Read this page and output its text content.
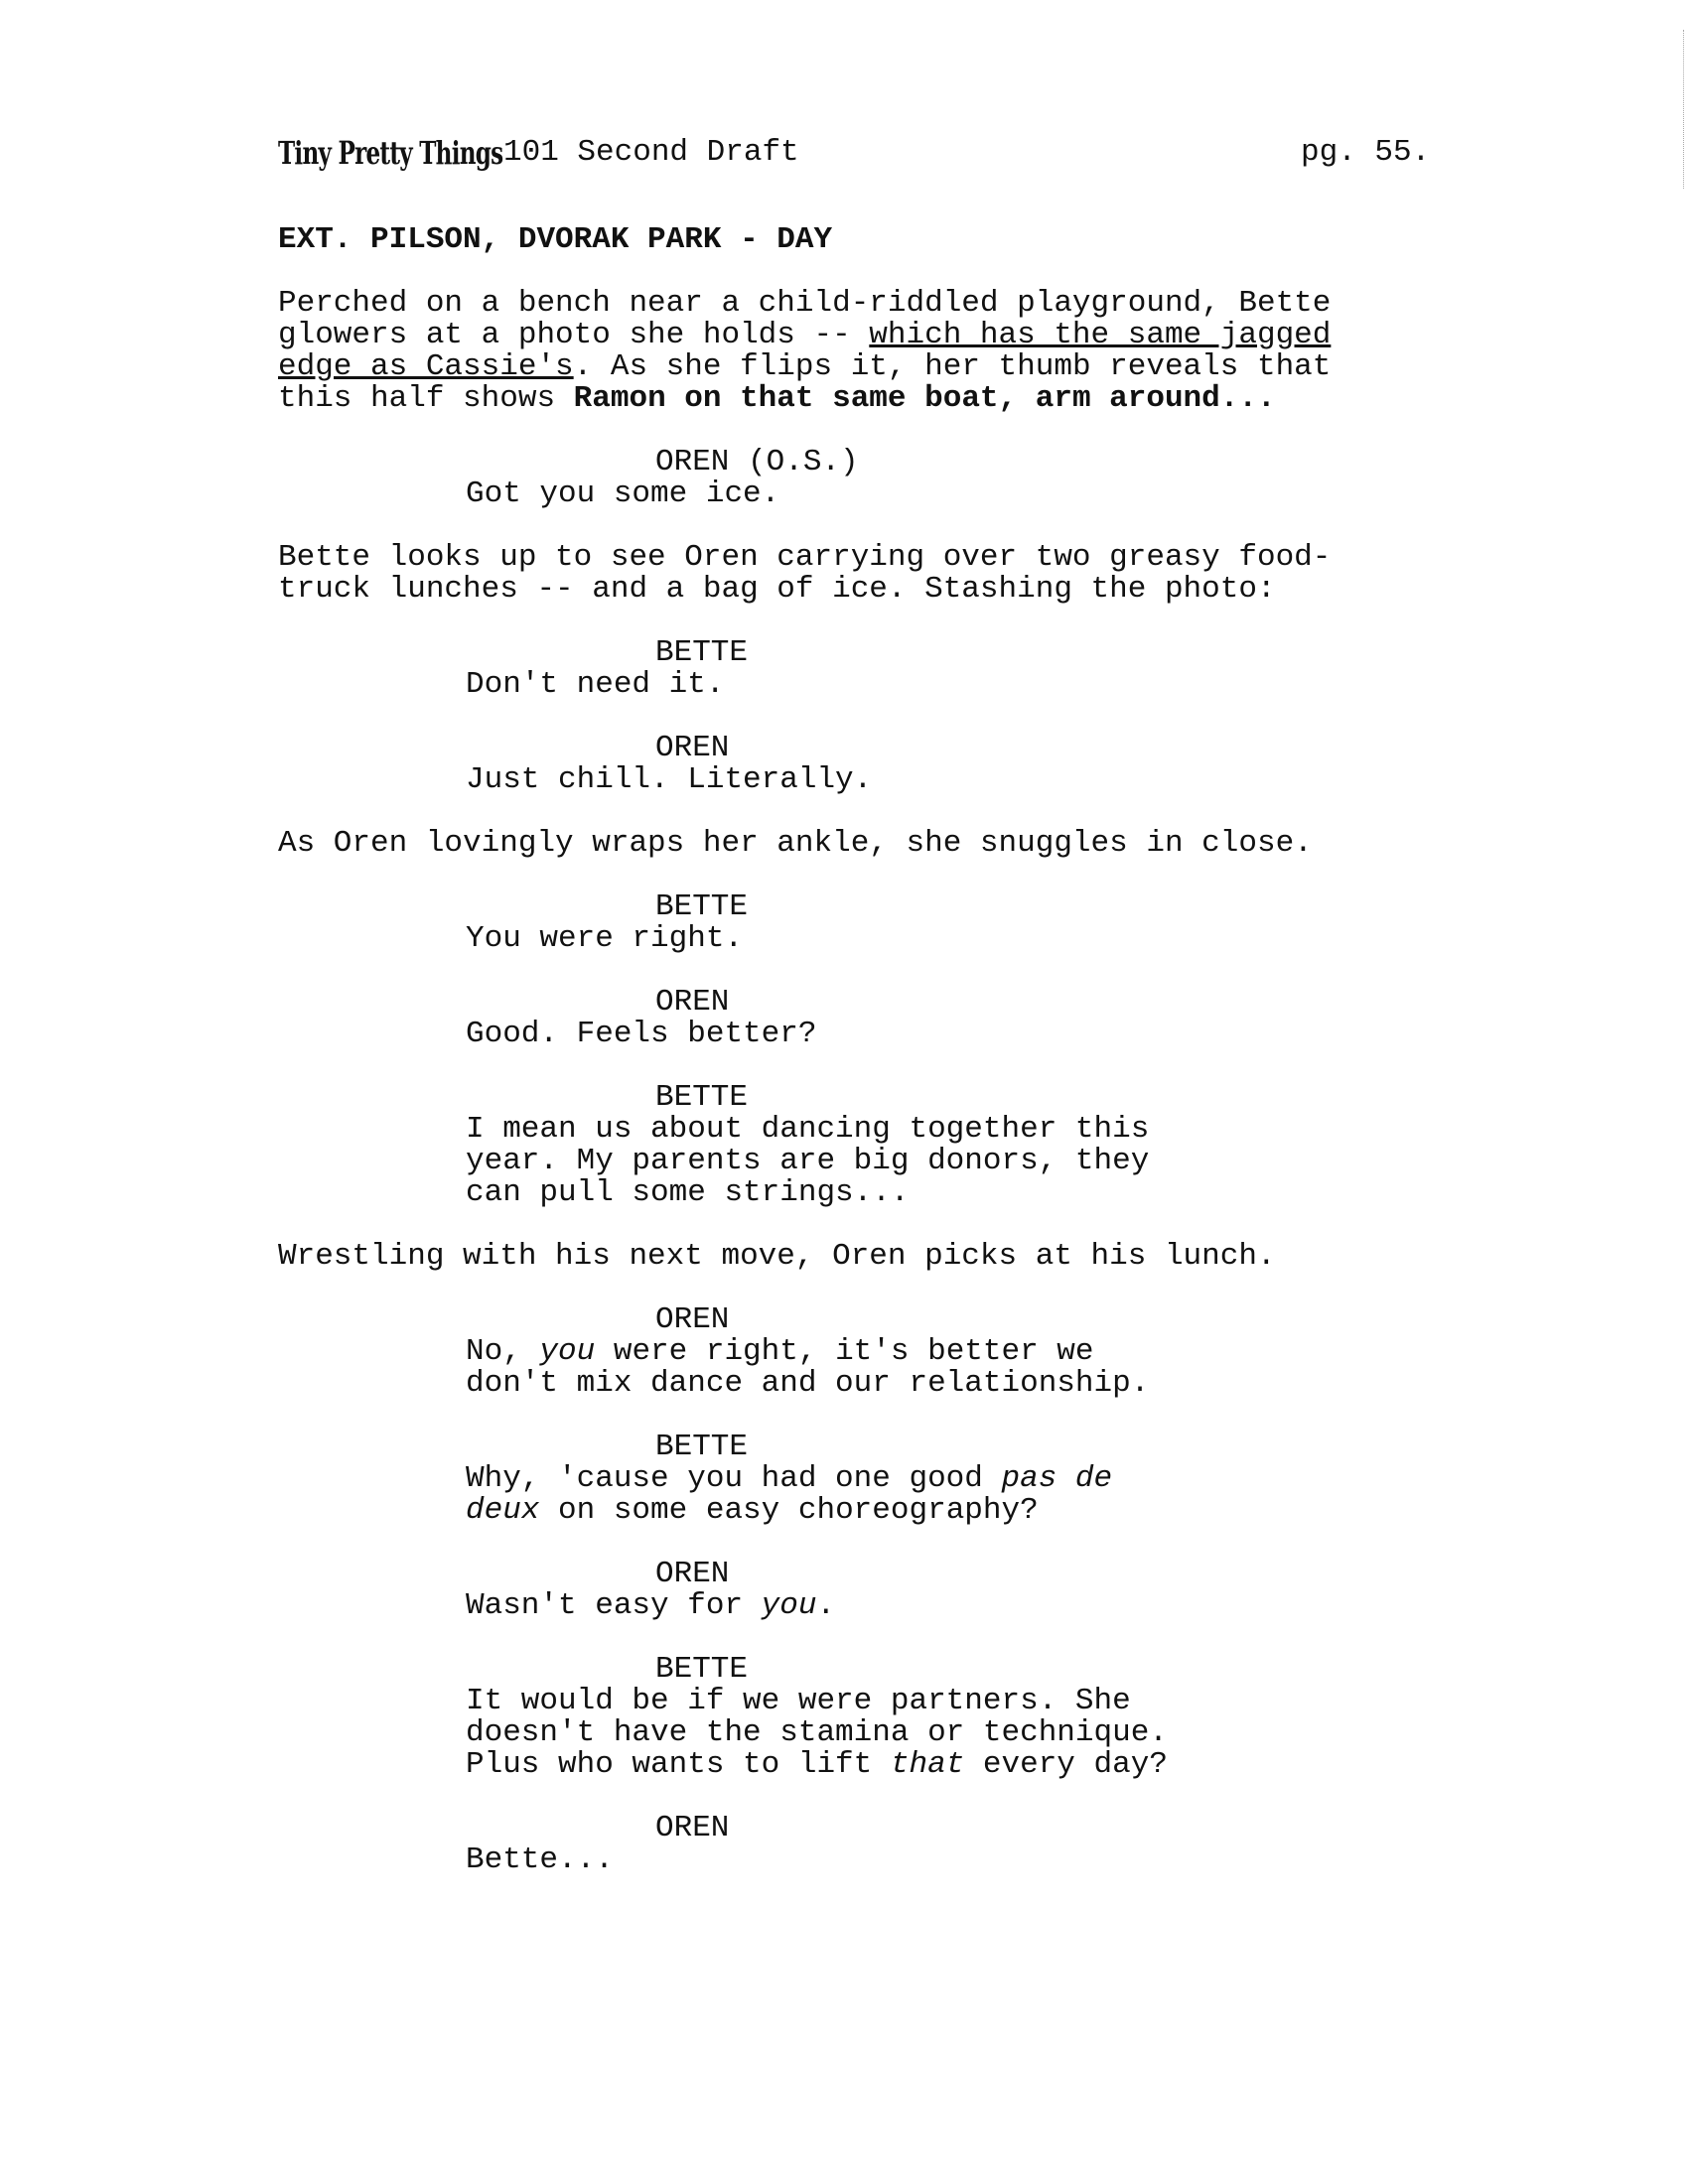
Tiny Pretty Things 101 Second Draft	pg. 55.
EXT. PILSON, DVORAK PARK - DAY
Perched on a bench near a child-riddled playground, Bette
glowers at a photo she holds -- which has the same jagged
edge as Cassie's. As she flips it, her thumb reveals that
this half shows Ramon on that same boat, arm around...
OREN (O.S.)
Got you some ice.
Bette looks up to see Oren carrying over two greasy food-
truck lunches -- and a bag of ice. Stashing the photo:
BETTE
Don't need it.
OREN
Just chill. Literally.
As Oren lovingly wraps her ankle, she snuggles in close.
BETTE
You were right.
OREN
Good. Feels better?
BETTE
I mean us about dancing together this
year. My parents are big donors, they
can pull some strings...
Wrestling with his next move, Oren picks at his lunch.
OREN
No, you were right, it's better we
don't mix dance and our relationship.
BETTE
Why, 'cause you had one good pas de
deux on some easy choreography?
OREN
Wasn't easy for you.
BETTE
It would be if we were partners. She
doesn't have the stamina or technique.
Plus who wants to lift that every day?
OREN
Bette...
